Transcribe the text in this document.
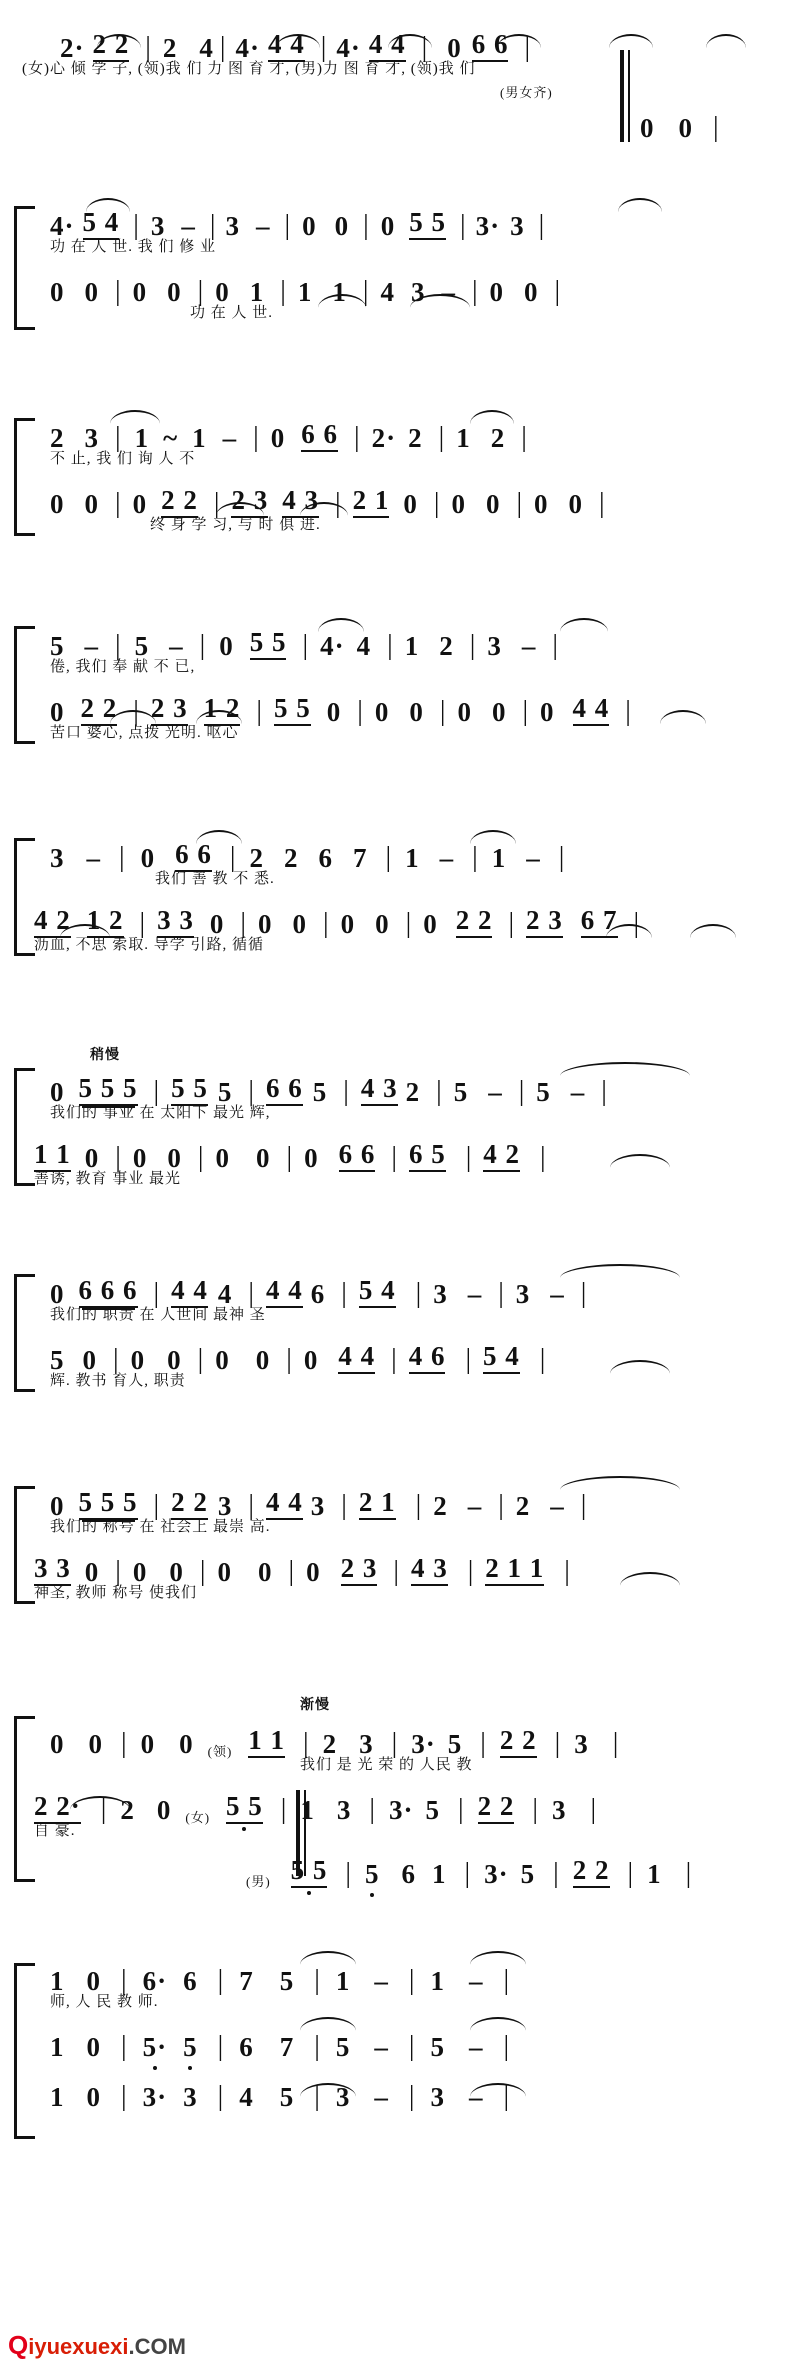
2· 2 2 | 2 4 | 4· 4 4 | 4· 4 4 | 0 6 6 |
(女)心 倾 学 子, (领)我 们 力 图 育 才, (男)力 图 育 才, (领)我 们
(男女齐)
0 0 |
4· 5 4 | 3 – | 3 – | 0 0 | 0 5 5 | 3· 3 |
功 在 人 世. 我 们 修 业
0 0 | 0 0 | 0 1 | 1 1 | 4 3 – | 0 0 |
功 在 人 世.
2 3 | 1 ~ 1 – | 0 6 6 | 2· 2 | 1 2 |
不 止, 我 们 询 人 不
0 0 | 0 2 2 | 2 3 4 3 | 2 1 0 | 0 0 | 0 0 |
终 身 学 习, 与 时 俱 进.
5 – | 5 – | 0 5 5 | 4· 4 | 1 2 | 3 – |
倦, 我们 奉 献 不 已,
0 2 2 | 2 3 1 2 | 5 5 0 | 0 0 | 0 0 | 0 4 4 |
苦口 婆心, 点拨 光明. 呕心
3 – | 0 6 6 | 2 2 6 7 | 1 – | 1 – |
我们 善 教 不 悉.
4 2 1 2 | 3 3 0 | 0 0 | 0 0 | 0 2 2 | 2 3 6 7 |
沥血, 不思 索取. 导学 引路, 循循
稍慢
0 5 5 5 | 5 5 5 | 6 6 5 | 4 3 2 | 5 – | 5 – |
我们的 事业 在 太阳下 最光 辉,
1 1 0 | 0 0 | 0 0 | 0 6 6 | 6 5 | 4 2 |
善诱, 教育 事业 最光
0 6 6 6 | 4 4 4 | 4 4 6 | 5 4 | 3 – | 3 – |
我们的 职责 在 人世间 最神 圣
5 0 | 0 0 | 0 0 | 0 4 4 | 4 6 | 5 4 |
辉. 教书 育人, 职责
0 5 5 5 | 2 2 3 | 4 4 3 | 2 1 | 2 – | 2 – |
我们的 称号 在 社会上 最崇 高.
3 3 0 | 0 0 | 0 0 | 0 2 3 | 4 3 | 2 1 1 |
神圣, 教师 称号 使我们
渐慢
0 0 | 0 0 (领) 1 1 | 2 3 | 3· 5 | 2 2 | 3 |
我们 是 光 荣 的 人民 教
2 2· | 2 0 (女) 5 5 | 1 3 | 3· 5 | 2 2 | 3 |
自 豪.
(男) 5 5 | 5 6 1 | 3· 5 | 2 2 | 1 |
1 0 | 6· 6 | 7 5 | 1 – | 1 – |
师, 人 民 教 师.
1 0 | 5· 5 | 6 7 | 5 – | 5 – |
1 0 | 3· 3 | 4 5 | 3 – | 3 – |
Qiyuexuexi.COM
